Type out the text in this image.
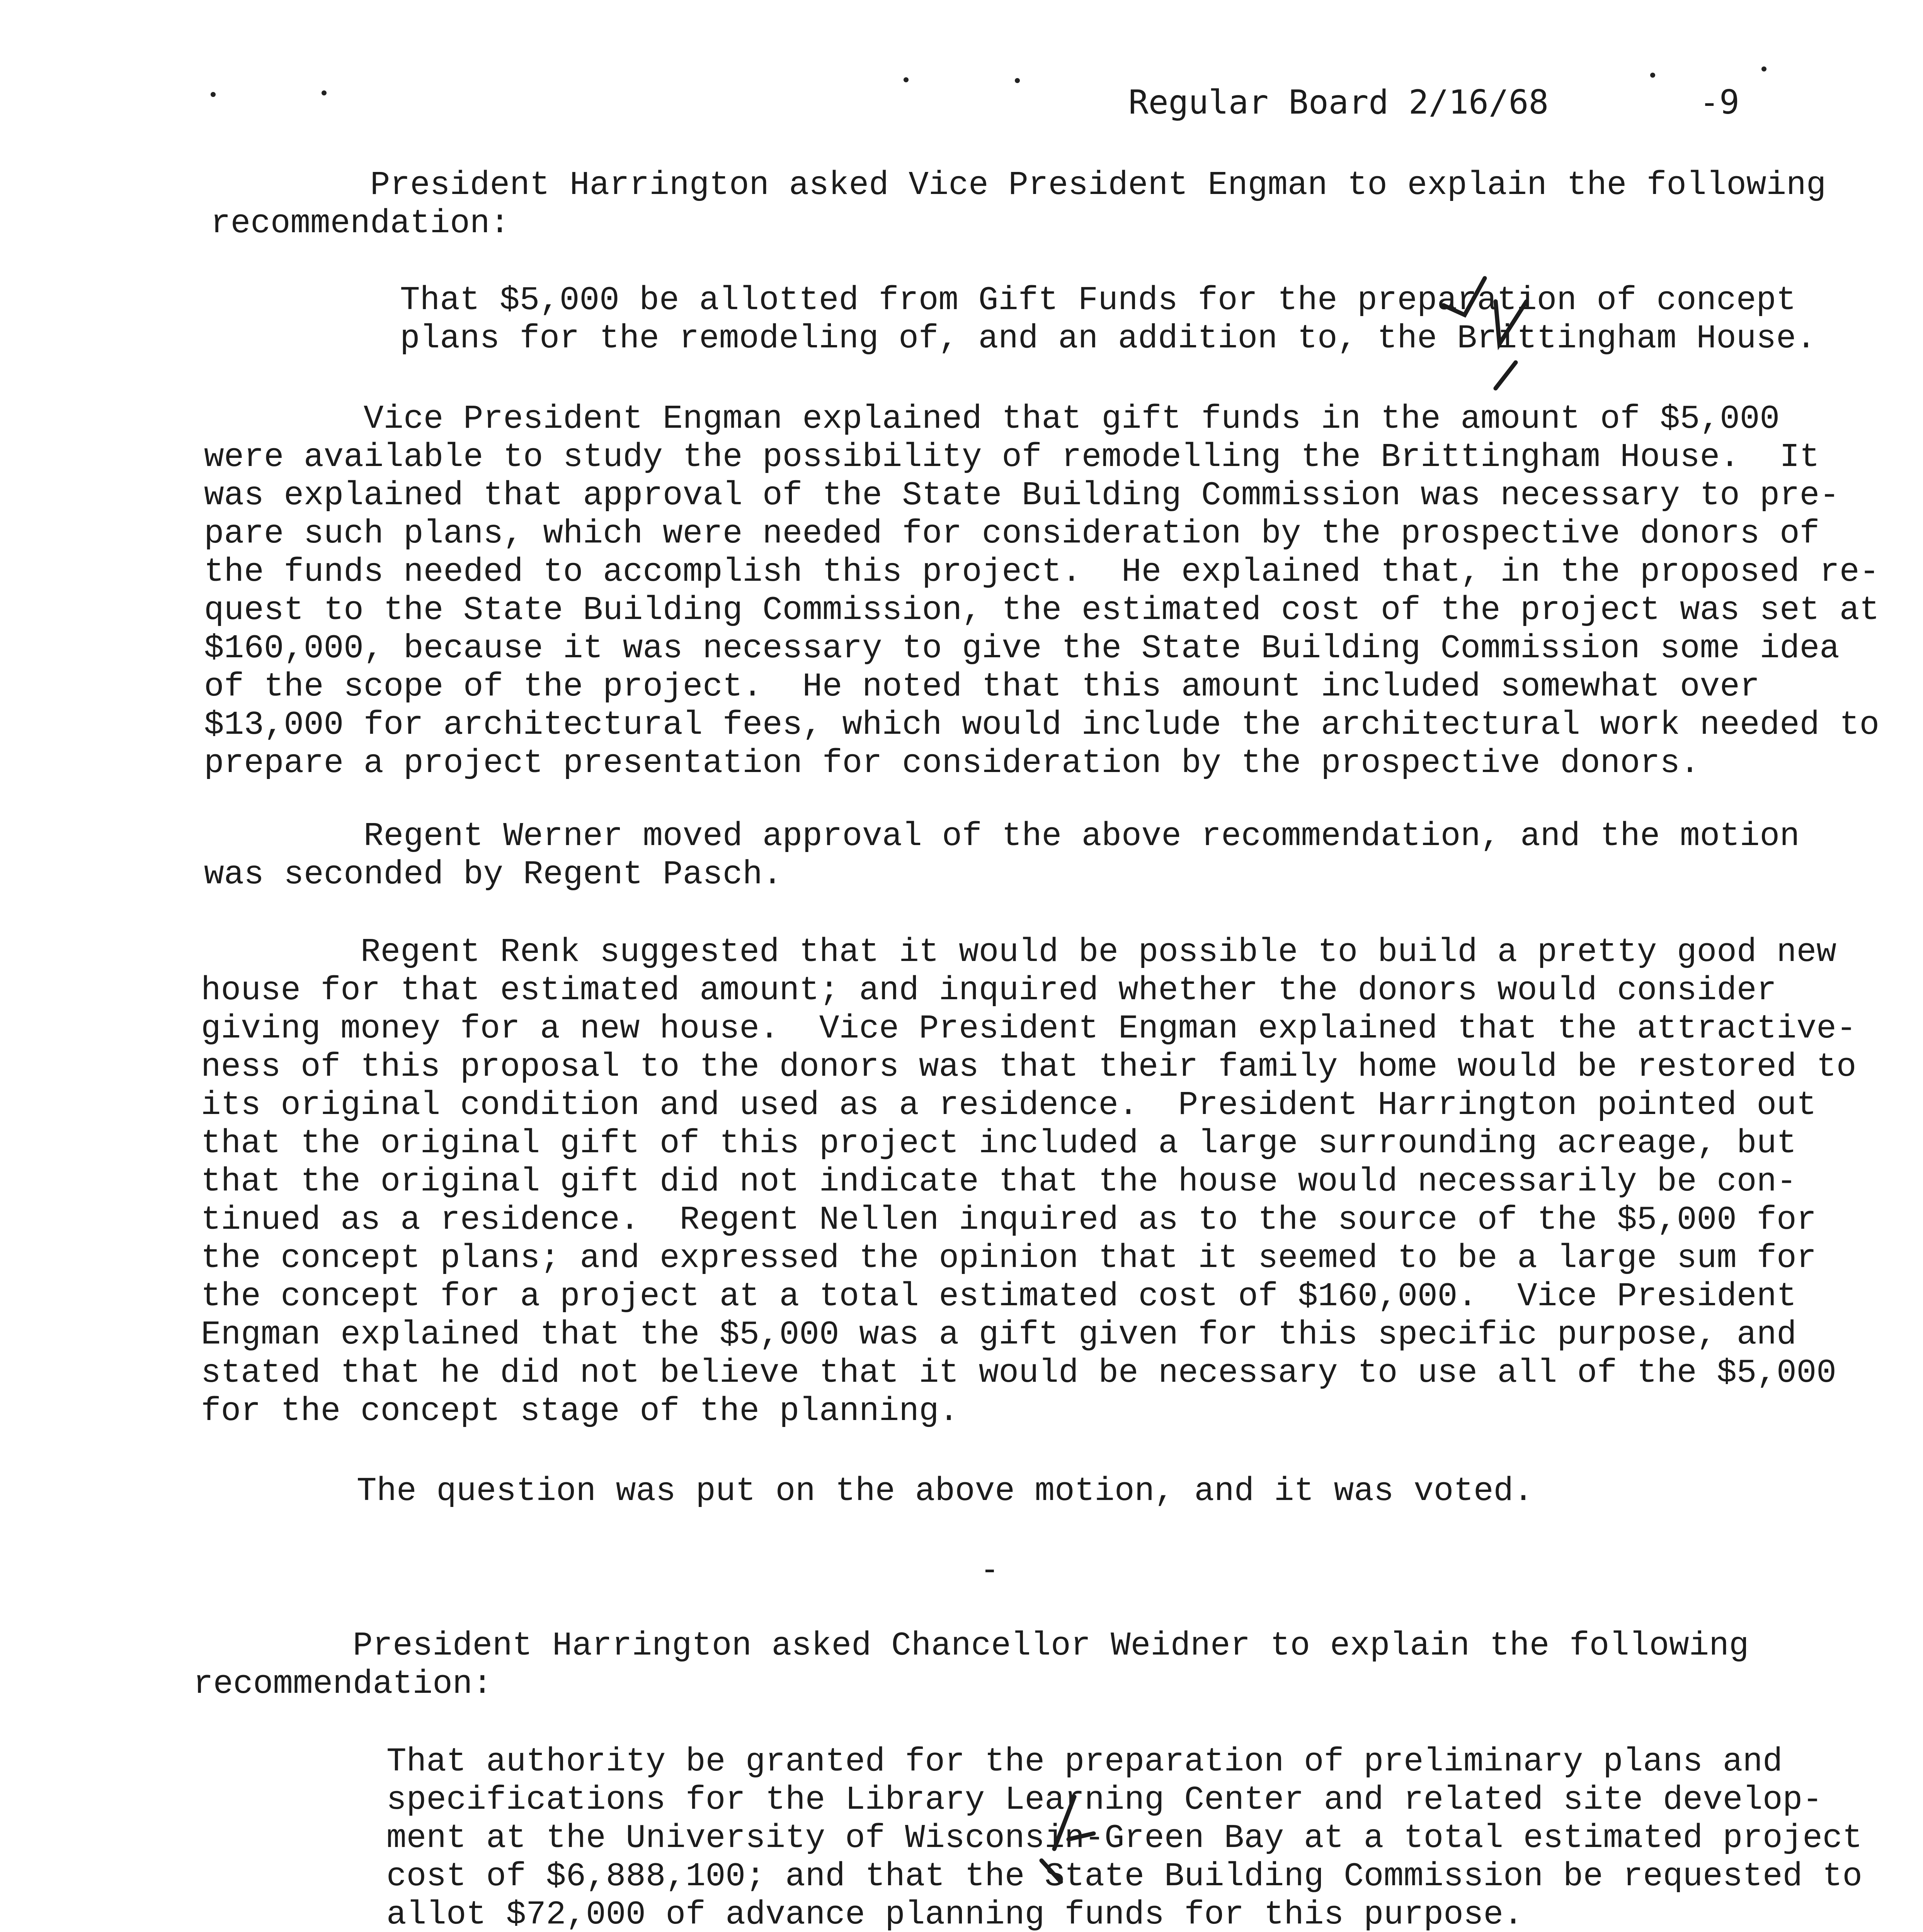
Regular Board 2/16/68	-9
President Harrington asked Vice President Engman to explain the following
recommendation:
That $5,000 be allotted from Gift Funds for the preparation of concept
plans for the remodeling of, and an addition to, the Brittingham House.
Vice President Engman explained that gift funds in the amount of $5,000
were available to study the possibility of remodelling the Brittingham House.  It
was explained that approval of the State Building Commission was necessary to pre-
pare such plans, which were needed for consideration by the prospective donors of
the funds needed to accomplish this project.  He explained that, in the proposed re-
quest to the State Building Commission, the estimated cost of the project was set at
$160,000, because it was necessary to give the State Building Commission some idea
of the scope of the project.  He noted that this amount included somewhat over
$13,000 for architectural fees, which would include the architectural work needed to
prepare a project presentation for consideration by the prospective donors.
Regent Werner moved approval of the above recommendation, and the motion
was seconded by Regent Pasch.
Regent Renk suggested that it would be possible to build a pretty good new
house for that estimated amount; and inquired whether the donors would consider
giving money for a new house.  Vice President Engman explained that the attractive-
ness of this proposal to the donors was that their family home would be restored to
its original condition and used as a residence.  President Harrington pointed out
that the original gift of this project included a large surrounding acreage, but
that the original gift did not indicate that the house would necessarily be con-
tinued as a residence.  Regent Nellen inquired as to the source of the $5,000 for
the concept plans; and expressed the opinion that it seemed to be a large sum for
the concept for a project at a total estimated cost of $160,000.  Vice President
Engman explained that the $5,000 was a gift given for this specific purpose, and
stated that he did not believe that it would be necessary to use all of the $5,000
for the concept stage of the planning.
The question was put on the above motion, and it was voted.
-
President Harrington asked Chancellor Weidner to explain the following
recommendation:
That authority be granted for the preparation of preliminary plans and
specifications for the Library Learning Center and related site develop-
ment at the University of Wisconsin-Green Bay at a total estimated project
cost of $6,888,100; and that the State Building Commission be requested to
allot $72,000 of advance planning funds for this purpose.
